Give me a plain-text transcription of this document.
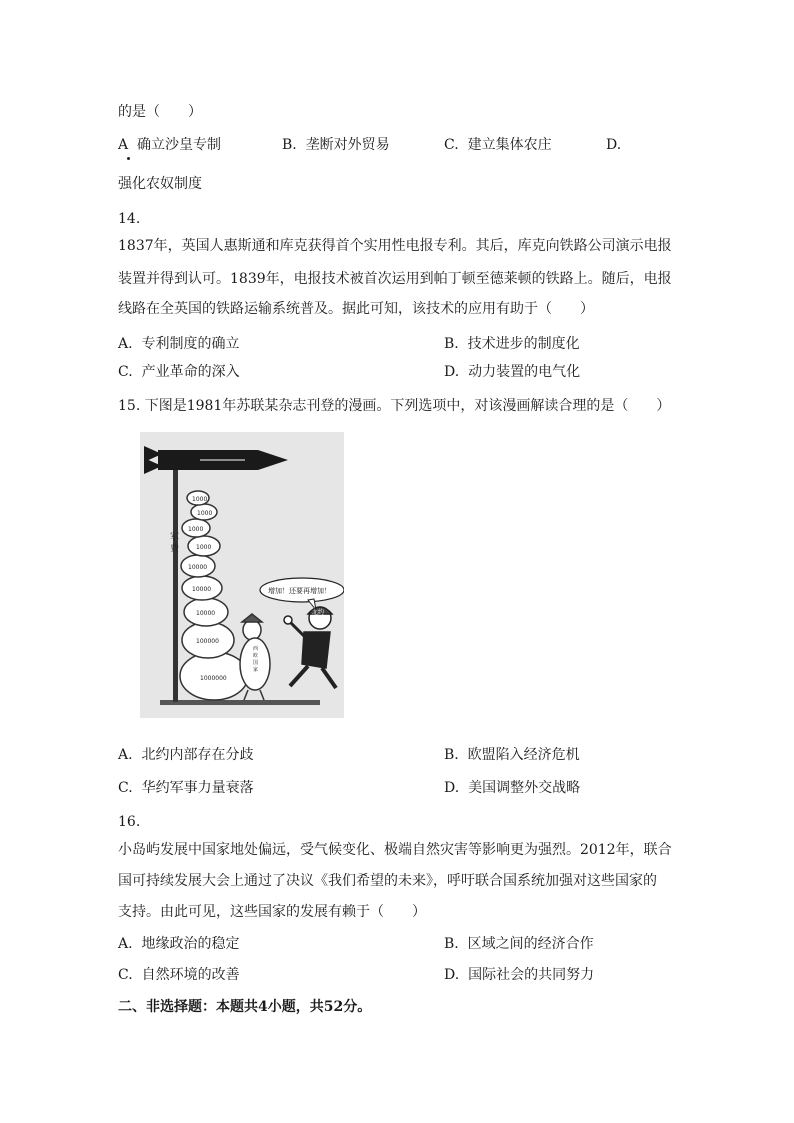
的是（　　）
A 确立沙皇专制	B. 垄断对外贸易	C. 建立集体农庄	D.
强化农奴制度
14.
1837年，英国人惠斯通和库克获得首个实用性电报专利。其后，库克向铁路公司演示电报
装置并得到认可。1839年，电报技术被首次运用到帕丁顿至德莱顿的铁路上。随后，电报
线路在全英国的铁路运输系统普及。据此可知，该技术的应用有助于（　　）
A. 专利制度的确立	B. 技术进步的制度化
C. 产业革命的深入	D. 动力装置的电气化
15. 下图是1981年苏联某杂志刊登的漫画。下列选项中，对该漫画解读合理的是（　　）
军费
1000000
100000
10000
10000
10000
1000
1000
1000
1000
西欧国家
北约
增加！还要再增加！
A. 北约内部存在分歧	B. 欧盟陷入经济危机
C. 华约军事力量衰落	D. 美国调整外交战略
16.
小岛屿发展中国家地处偏远，受气候变化、极端自然灾害等影响更为强烈。2012年，联合
国可持续发展大会上通过了决议《我们希望的未来》，呼吁联合国系统加强对这些国家的
支持。由此可见，这些国家的发展有赖于（　　）
A. 地缘政治的稳定	B. 区域之间的经济合作
C. 自然环境的改善	D. 国际社会的共同努力
二、非选择题：本题共4小题，共52分。
